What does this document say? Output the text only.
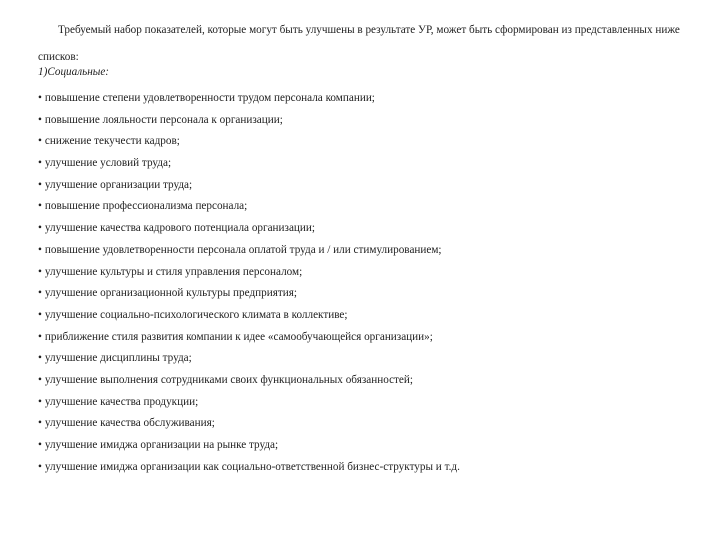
Требуемый набор показателей, которые могут быть улучшены в результате УР, может быть сформирован из представленных ниже списков:

1)Социальные:

• повышение степени удовлетворенности трудом персонала компании;
• повышение лояльности персонала к организации;
• снижение текучести кадров;
• улучшение условий труда;
• улучшение организации труда;
• повышение профессионализма персонала;
• улучшение качества кадрового потенциала организации;
• повышение удовлетворенности персонала оплатой труда и / или стимулированием;
• улучшение культуры и стиля управления персоналом;
• улучшение организационной культуры предприятия;
• улучшение социально-психологического климата в коллективе;
• приближение стиля развития компании к идее «самообучающейся организации»;
• улучшение дисциплины труда;
• улучшение выполнения сотрудниками своих функциональных обязанностей;
• улучшение качества продукции;
• улучшение качества обслуживания;
• улучшение имиджа организации на рынке труда;
• улучшение имиджа организации как социально-ответственной бизнес-структуры и т.д.
